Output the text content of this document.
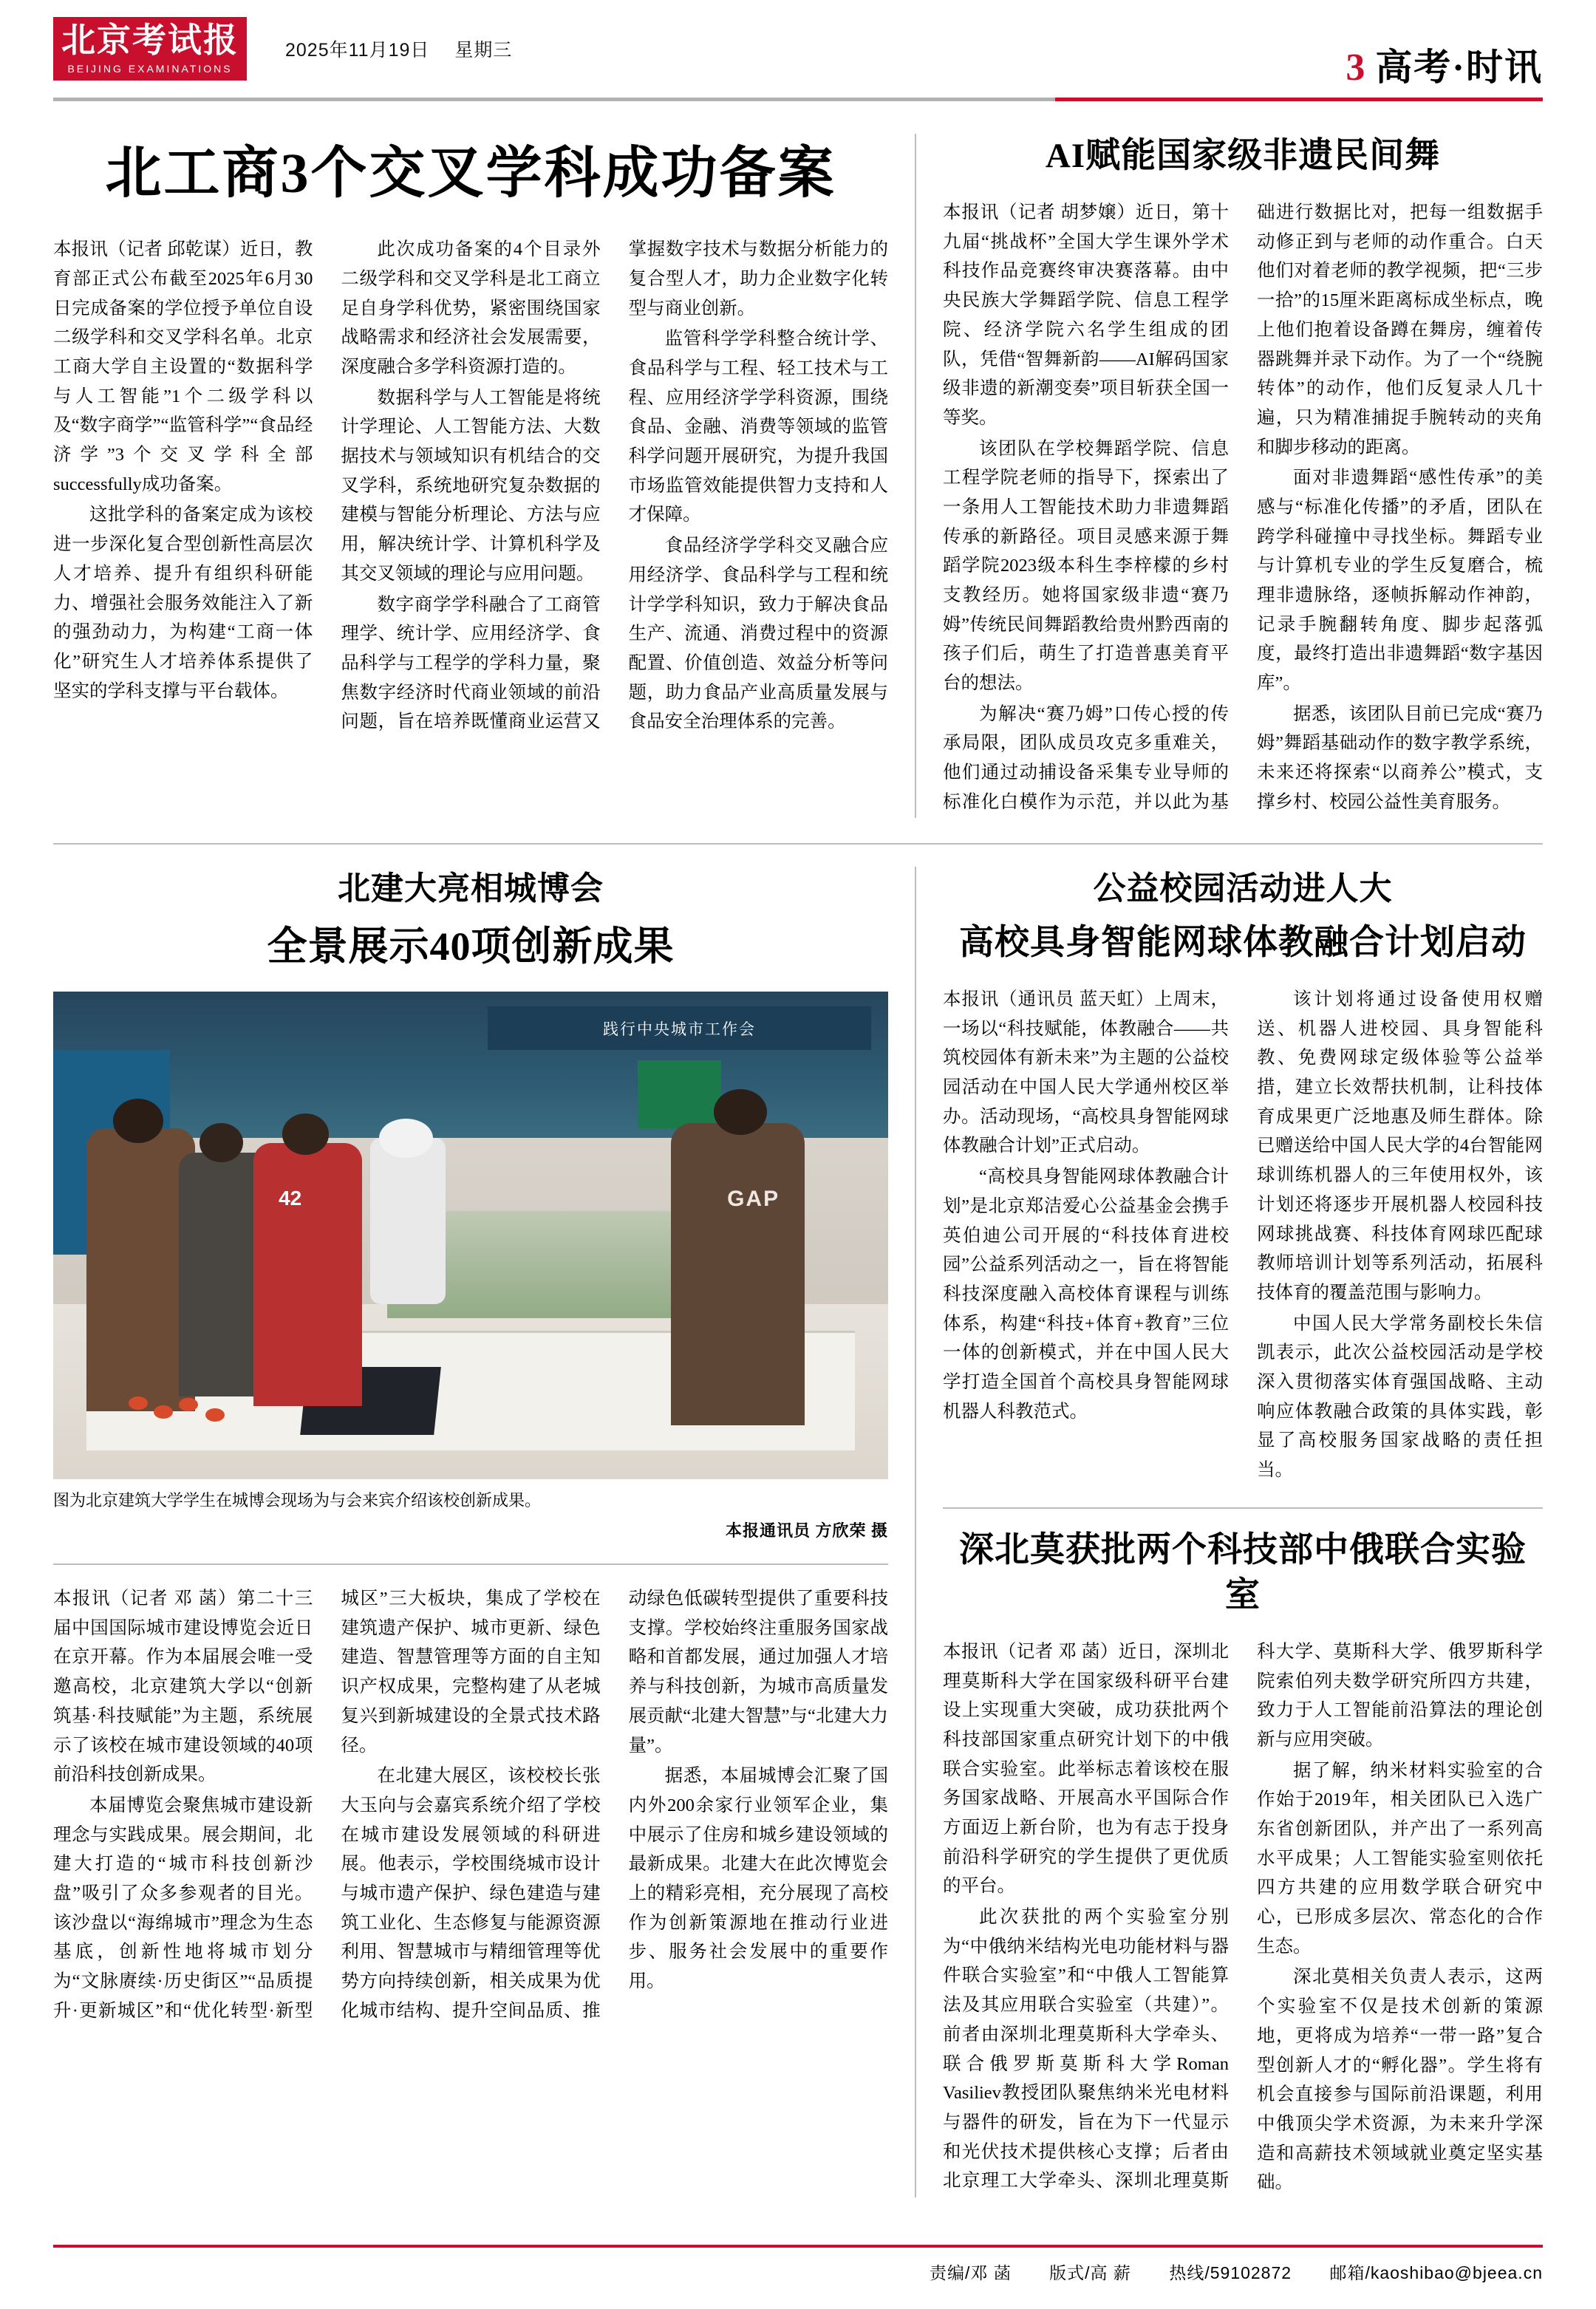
北京考试报
BEIJING EXAMINATIONS
2025年11月19日 星期三	3 高考·时讯
北工商3个交叉学科成功备案

本报讯（记者 邱乾谋）近日，教育部正式公布截至2025年6月30日完成备案的学位授予单位自设二级学科和交叉学科名单。北京工商大学自主设置的“数据科学与人工智能”1个二级学科以及“数字商学”“监管科学”“食品经济学”3个交叉学科全部successfully成功备案。

这批学科的备案定成为该校进一步深化复合型创新性高层次人才培养、提升有组织科研能力、增强社会服务效能注入了新的强劲动力，为构建“工商一体化”研究生人才培养体系提供了坚实的学科支撑与平台载体。

此次成功备案的4个目录外二级学科和交叉学科是北工商立足自身学科优势，紧密围绕国家战略需求和经济社会发展需要，深度融合多学科资源打造的。

数据科学与人工智能是将统计学理论、人工智能方法、大数据技术与领域知识有机结合的交叉学科，系统地研究复杂数据的建模与智能分析理论、方法与应用，解决统计学、计算机科学及其交叉领域的理论与应用问题。

数字商学学科融合了工商管理学、统计学、应用经济学、食品科学与工程学的学科力量，聚焦数字经济时代商业领域的前沿问题，旨在培养既懂商业运营又掌握数字技术与数据分析能力的复合型人才，助力企业数字化转型与商业创新。

监管科学学科整合统计学、食品科学与工程、轻工技术与工程、应用经济学学科资源，围绕食品、金融、消费等领域的监管科学问题开展研究，为提升我国市场监管效能提供智力支持和人才保障。

食品经济学学科交叉融合应用经济学、食品科学与工程和统计学学科知识，致力于解决食品生产、流通、消费过程中的资源配置、价值创造、效益分析等问题，助力食品产业高质量发展与食品安全治理体系的完善。

AI赋能国家级非遗民间舞

本报讯（记者 胡梦嬢）近日，第十九届“挑战杯”全国大学生课外学术科技作品竞赛终审决赛落幕。由中央民族大学舞蹈学院、信息工程学院、经济学院六名学生组成的团队，凭借“智舞新韵——AI解码国家级非遗的新潮变奏”项目斩获全国一等奖。

该团队在学校舞蹈学院、信息工程学院老师的指导下，探索出了一条用人工智能技术助力非遗舞蹈传承的新路径。项目灵感来源于舞蹈学院2023级本科生李梓檬的乡村支教经历。她将国家级非遗“赛乃姆”传统民间舞蹈教给贵州黔西南的孩子们后，萌生了打造普惠美育平台的想法。

为解决“赛乃姆”口传心授的传承局限，团队成员攻克多重难关，他们通过动捕设备采集专业导师的标准化白模作为示范，并以此为基础进行数据比对，把每一组数据手动修正到与老师的动作重合。白天他们对着老师的教学视频，把“三步一拾”的15厘米距离标成坐标点，晚上他们抱着设备蹲在舞房，缠着传器跳舞并录下动作。为了一个“绕腕转体”的动作，他们反复录人几十遍，只为精准捕捉手腕转动的夹角和脚步移动的距离。

面对非遗舞蹈“感性传承”的美感与“标准化传播”的矛盾，团队在跨学科碰撞中寻找坐标。舞蹈专业与计算机专业的学生反复磨合，梳理非遗脉络，逐帧拆解动作神韵，记录手腕翻转角度、脚步起落弧度，最终打造出非遗舞蹈“数字基因库”。

据悉，该团队目前已完成“赛乃姆”舞蹈基础动作的数字教学系统，未来还将探索“以商养公”模式，支撑乡村、校园公益性美育服务。

北建大亮相城博会
全景展示40项创新成果
践行中央城市工作会
42	GAP
图为北京建筑大学学生在城博会现场为与会来宾介绍该校创新成果。
本报通讯员 方欣荣 摄

本报讯（记者 邓 菡）第二十三届中国国际城市建设博览会近日在京开幕。作为本届展会唯一受邀高校，北京建筑大学以“创新筑基·科技赋能”为主题，系统展示了该校在城市建设领域的40项前沿科技创新成果。

本届博览会聚焦城市建设新理念与实践成果。展会期间，北建大打造的“城市科技创新沙盘”吸引了众多参观者的目光。该沙盘以“海绵城市”理念为生态基底，创新性地将城市划分为“文脉赓续·历史街区”“品质提升·更新城区”和“优化转型·新型城区”三大板块，集成了学校在建筑遗产保护、城市更新、绿色建造、智慧管理等方面的自主知识产权成果，完整构建了从老城复兴到新城建设的全景式技术路径。

在北建大展区，该校校长张大玉向与会嘉宾系统介绍了学校在城市建设发展领域的科研进展。他表示，学校围绕城市设计与城市遗产保护、绿色建造与建筑工业化、生态修复与能源资源利用、智慧城市与精细管理等优势方向持续创新，相关成果为优化城市结构、提升空间品质、推动绿色低碳转型提供了重要科技支撑。学校始终注重服务国家战略和首都发展，通过加强人才培养与科技创新，为城市高质量发展贡献“北建大智慧”与“北建大力量”。

据悉，本届城博会汇聚了国内外200余家行业领军企业，集中展示了住房和城乡建设领域的最新成果。北建大在此次博览会上的精彩亮相，充分展现了高校作为创新策源地在推动行业进步、服务社会发展中的重要作用。

公益校园活动进人大
高校具身智能网球体教融合计划启动

本报讯（通讯员 蓝天虹）上周末，一场以“科技赋能，体教融合——共筑校园体有新未来”为主题的公益校园活动在中国人民大学通州校区举办。活动现场，“高校具身智能网球体教融合计划”正式启动。

“高校具身智能网球体教融合计划”是北京郑洁爱心公益基金会携手英伯迪公司开展的“科技体育进校园”公益系列活动之一，旨在将智能科技深度融入高校体育课程与训练体系，构建“科技+体育+教育”三位一体的创新模式，并在中国人民大学打造全国首个高校具身智能网球机器人科教范式。

该计划将通过设备使用权赠送、机器人进校园、具身智能科教、免费网球定级体验等公益举措，建立长效帮扶机制，让科技体育成果更广泛地惠及师生群体。除已赠送给中国人民大学的4台智能网球训练机器人的三年使用权外，该计划还将逐步开展机器人校园科技网球挑战赛、科技体育网球匹配球教师培训计划等系列活动，拓展科技体育的覆盖范围与影响力。

中国人民大学常务副校长朱信凯表示，此次公益校园活动是学校深入贯彻落实体育强国战略、主动响应体教融合政策的具体实践，彰显了高校服务国家战略的责任担当。

深北莫获批两个科技部中俄联合实验室

本报讯（记者 邓 菡）近日，深圳北理莫斯科大学在国家级科研平台建设上实现重大突破，成功获批两个科技部国家重点研究计划下的中俄联合实验室。此举标志着该校在服务国家战略、开展高水平国际合作方面迈上新台阶，也为有志于投身前沿科学研究的学生提供了更优质的平台。

此次获批的两个实验室分别为“中俄纳米结构光电功能材料与器件联合实验室”和“中俄人工智能算法及其应用联合实验室（共建）”。前者由深圳北理莫斯科大学牵头、联合俄罗斯莫斯科大学Roman Vasiliev教授团队聚焦纳米光电材料与器件的研发，旨在为下一代显示和光伏技术提供核心支撑；后者由北京理工大学牵头、深圳北理莫斯科大学、莫斯科大学、俄罗斯科学院索伯列夫数学研究所四方共建，致力于人工智能前沿算法的理论创新与应用突破。

据了解，纳米材料实验室的合作始于2019年，相关团队已入选广东省创新团队，并产出了一系列高水平成果；人工智能实验室则依托四方共建的应用数学联合研究中心，已形成多层次、常态化的合作生态。

深北莫相关负责人表示，这两个实验室不仅是技术创新的策源地，更将成为培养“一带一路”复合型创新人才的“孵化器”。学生将有机会直接参与国际前沿课题，利用中俄顶尖学术资源，为未来升学深造和高薪技术领域就业奠定坚实基础。

责编/邓 菡 版式/高 薪 热线/59102872 邮箱/kaoshibao@bjeea.cn
